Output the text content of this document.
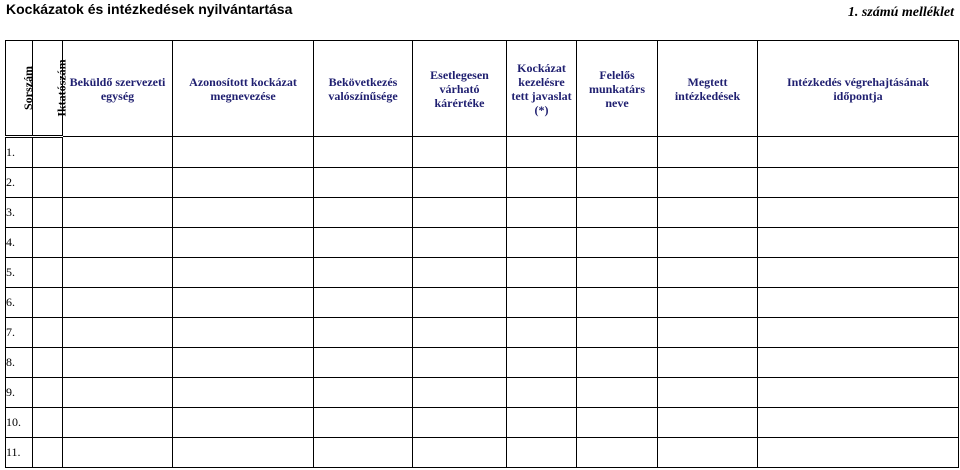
Kockázatok és intézkedések nyilvántartása	1. számú melléklet
Sorszám	Iktatószám	Beküldő szervezeti egység	Azonosított kockázat megnevezése	Bekövetkezés valószínűsége	Esetlegesen várható kárértéke	Kockázat kezelésre tett javaslat (*)	Felelős munkatárs neve	Megtett intézkedések	Intézkedés végrehajtásának időpontja

1.									
2.									
3.									
4.									
5.									
6.									
7.									
8.									
9.									
10.									
11.									
